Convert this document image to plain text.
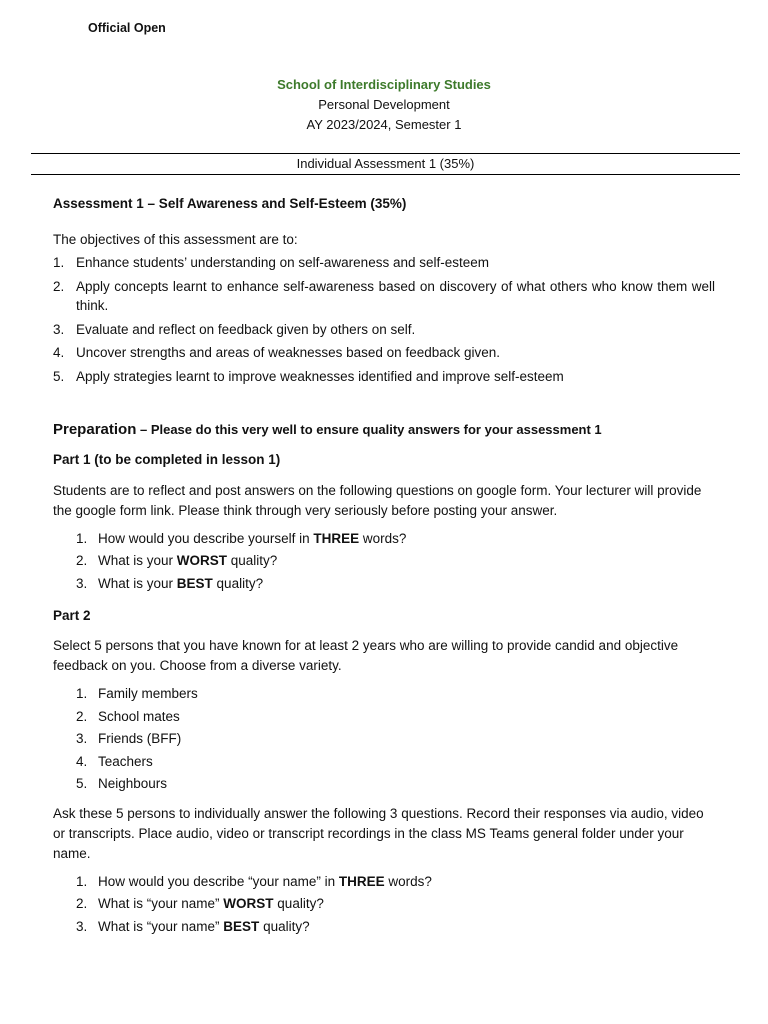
Official Open
School of Interdisciplinary Studies
Personal Development
AY 2023/2024, Semester 1
Individual Assessment 1 (35%)

Assessment 1 – Self Awareness and Self-Esteem (35%)

The objectives of this assessment are to:

1. Enhance students’ understanding on self-awareness and self-esteem
2. Apply concepts learnt to enhance self-awareness based on discovery of what others who know them well think.
3. Evaluate and reflect on feedback given by others on self.
4. Uncover strengths and areas of weaknesses based on feedback given.
5. Apply strategies learnt to improve weaknesses identified and improve self-esteem

Preparation – Please do this very well to ensure quality answers for your assessment 1

Part 1 (to be completed in lesson 1)

Students are to reflect and post answers on the following questions on google form. Your lecturer will provide the google form link. Please think through very seriously before posting your answer.

1. How would you describe yourself in THREE words?
2. What is your WORST quality?
3. What is your BEST quality?

Part 2

Select 5 persons that you have known for at least 2 years who are willing to provide candid and objective feedback on you. Choose from a diverse variety.

1. Family members
2. School mates
3. Friends (BFF)
4. Teachers
5. Neighbours

Ask these 5 persons to individually answer the following 3 questions. Record their responses via audio, video or transcripts. Place audio, video or transcript recordings in the class MS Teams general folder under your name.

1. How would you describe “your name” in THREE words?
2. What is “your name” WORST quality?
3. What is “your name” BEST quality?
